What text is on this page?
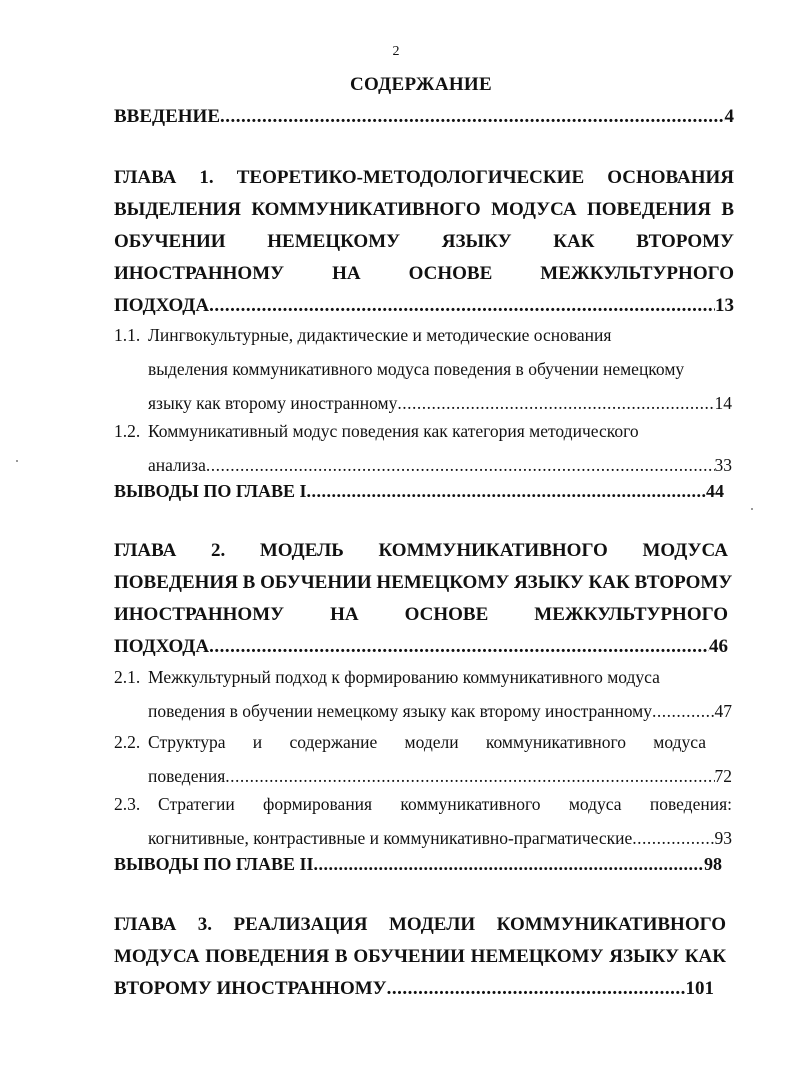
2
СОДЕРЖАНИЕ
ВВЕДЕНИЕ .....	4
ГЛАВА 1. ТЕОРЕТИКО-МЕТОДОЛОГИЧЕСКИЕ ОСНОВАНИЯ
ВЫДЕЛЕНИЯ КОММУНИКАТИВНОГО МОДУСА ПОВЕДЕНИЯ В
ОБУЧЕНИИ НЕМЕЦКОМУ ЯЗЫКУ КАК ВТОРОМУ
ИНОСТРАННОМУ НА ОСНОВЕ МЕЖКУЛЬТУРНОГО
ПОДХОДА .....	13
1.1. Лингвокультурные, дидактические и методические основания
выделения коммуникативного модуса поведения в обучении немецкому
языку как второму иностранному .....	14
1.2. Коммуникативный модус поведения как категория методического
анализа .....	33
ВЫВОДЫ ПО ГЛАВЕ I .....	44
ГЛАВА 2. МОДЕЛЬ КОММУНИКАТИВНОГО МОДУСА
ПОВЕДЕНИЯ В ОБУЧЕНИИ НЕМЕЦКОМУ ЯЗЫКУ КАК ВТОРОМУ
ИНОСТРАННОМУ НА ОСНОВЕ МЕЖКУЛЬТУРНОГО
ПОДХОДА .....	46
2.1. Межкультурный подход к формированию коммуникативного модуса
поведения в обучении немецкому языку как второму иностранному .....	47
2.2. Структура и содержание модели коммуникативного модуса
поведения .....	72
2.3.	Стратегии формирования коммуникативного модуса поведения:
когнитивные, контрастивные и коммуникативно-прагматические .....	93
ВЫВОДЫ ПО ГЛАВЕ II .....	98
ГЛАВА 3. РЕАЛИЗАЦИЯ МОДЕЛИ КОММУНИКАТИВНОГО
МОДУСА ПОВЕДЕНИЯ В ОБУЧЕНИИ НЕМЕЦКОМУ ЯЗЫКУ КАК
ВТОРОМУ ИНОСТРАННОМУ .....	101
